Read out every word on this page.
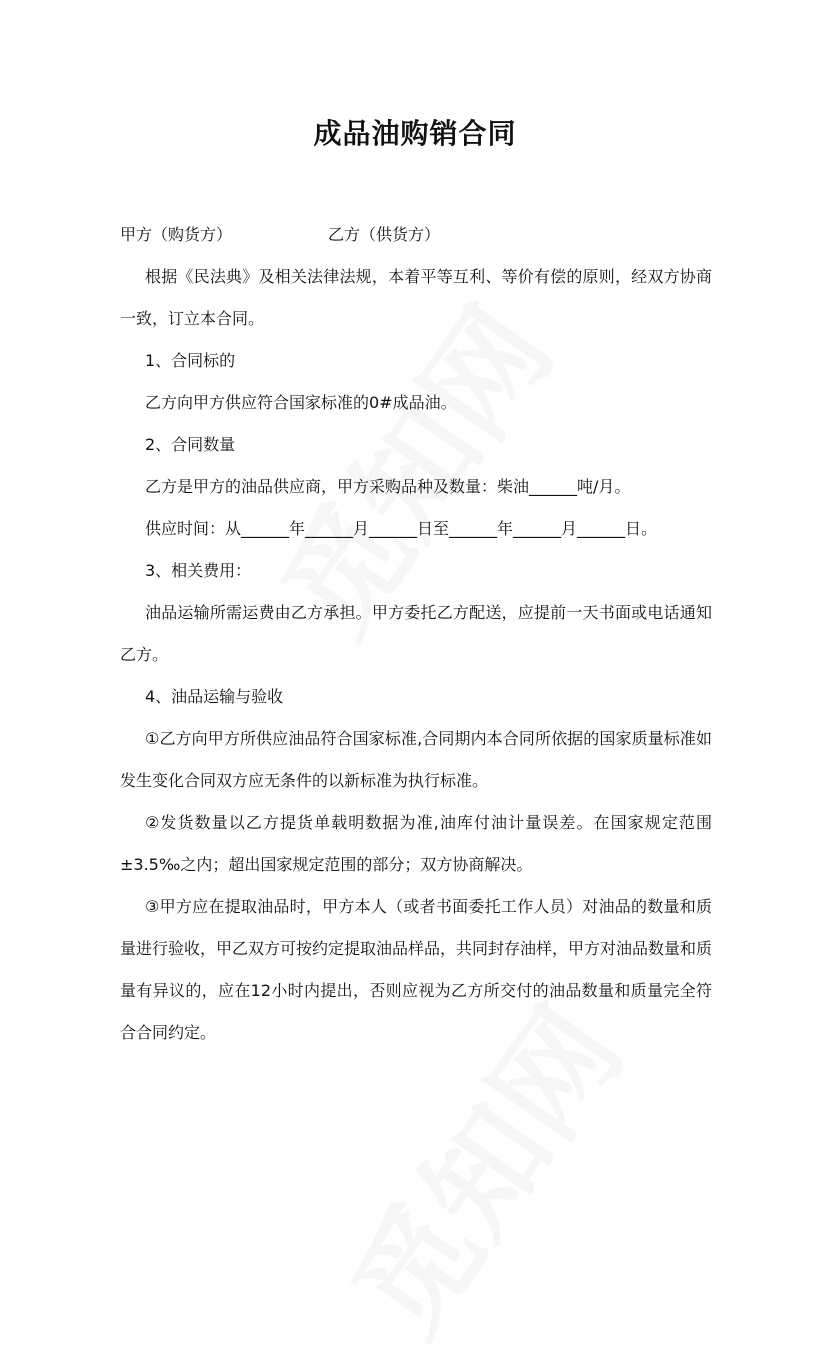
成品油购销合同
甲方（购货方）	乙方（供货方）

根据《民法典》及相关法律法规，本着平等互利、等价有偿的原则，经双方协商一致，订立本合同。

1、合同标的

乙方向甲方供应符合国家标准的0#成品油。

2、合同数量

乙方是甲方的油品供应商，甲方采购品种及数量：柴油______吨/月。

供应时间：从______年______月______日至______年______月______日。

3、相关费用：

油品运输所需运费由乙方承担。甲方委托乙方配送，应提前一天书面或电话通知乙方。

4、油品运输与验收

①乙方向甲方所供应油品符合国家标准,合同期内本合同所依据的国家质量标准如发生变化合同双方应无条件的以新标准为执行标准。

②发货数量以乙方提货单载明数据为准,油库付油计量误差。在国家规定范围±3.5‰之内；超出国家规定范围的部分；双方协商解决。

③甲方应在提取油品时，甲方本人（或者书面委托工作人员）对油品的数量和质量进行验收，甲乙双方可按约定提取油品样品，共同封存油样，甲方对油品数量和质量有异议的，应在12小时内提出，否则应视为乙方所交付的油品数量和质量完全符合合同约定。
